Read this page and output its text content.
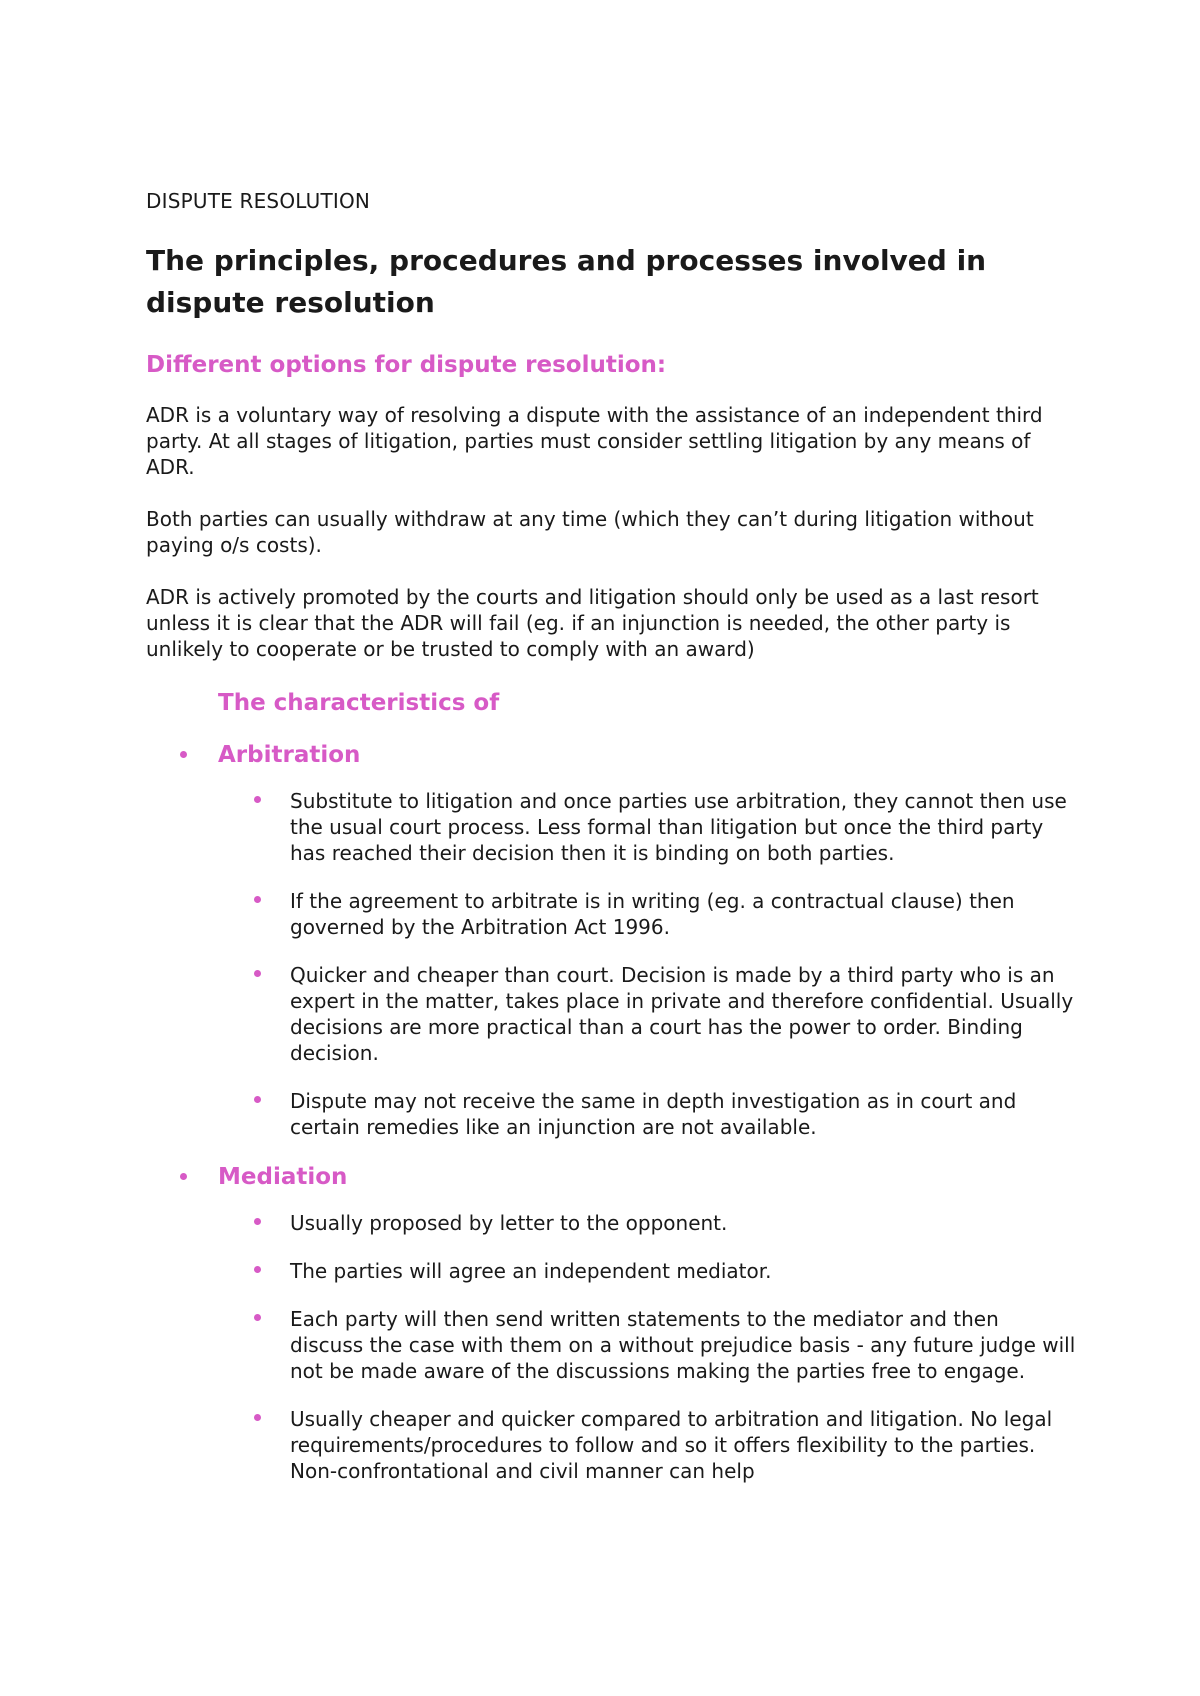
DISPUTE RESOLUTION
The principles, procedures and processes involved in dispute resolution
Different options for dispute resolution:

ADR is a voluntary way of resolving a dispute with the assistance of an independent third party. At all stages of litigation, parties must consider settling litigation by any means of ADR.

Both parties can usually withdraw at any time (which they can’t during litigation without paying o/s costs).

ADR is actively promoted by the courts and litigation should only be used as a last resort unless it is clear that the ADR will fail (eg. if an injunction is needed, the other party is unlikely to cooperate or be trusted to comply with an award)

The characteristics of
Arbitration
Substitute to litigation and once parties use arbitration, they cannot then use the usual court process. Less formal than litigation but once the third party has reached their decision then it is binding on both parties.
If the agreement to arbitrate is in writing (eg. a contractual clause) then governed by the Arbitration Act 1996.
Quicker and cheaper than court. Decision is made by a third party who is an expert in the matter, takes place in private and therefore confidential. Usually decisions are more practical than a court has the power to order. Binding decision.
Dispute may not receive the same in depth investigation as in court and certain remedies like an injunction are not available.
Mediation
Usually proposed by letter to the opponent.
The parties will agree an independent mediator.
Each party will then send written statements to the mediator and then discuss the case with them on a without prejudice basis - any future judge will not be made aware of the discussions making the parties free to engage.
Usually cheaper and quicker compared to arbitration and litigation. No legal requirements/procedures to follow and so it offers flexibility to the parties. Non-confrontational and civil manner can help
